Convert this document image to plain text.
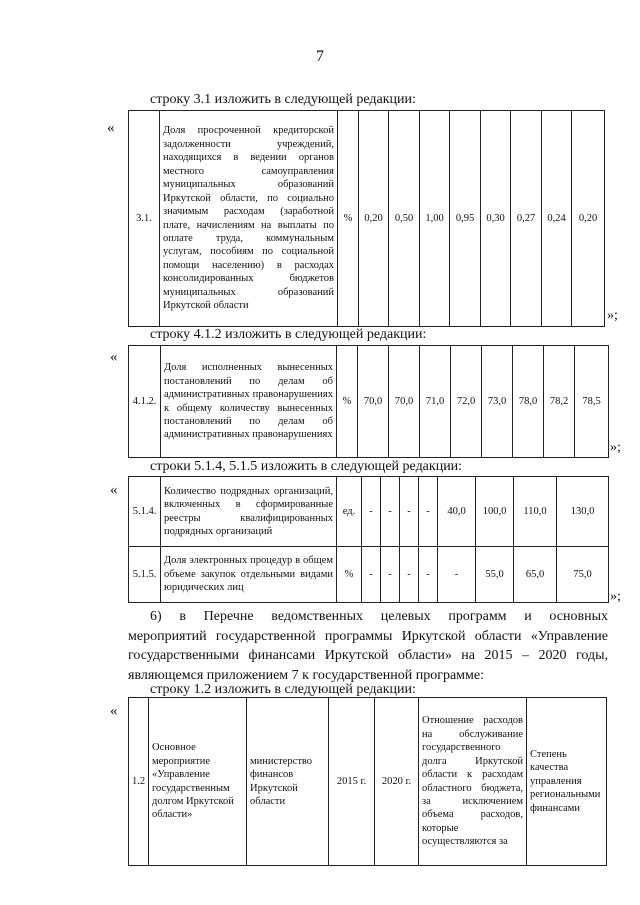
7
строку 3.1 изложить в следующей редакции:
«
3.1.	Доля просроченной кредиторской задолженности учреждений, находящихся в ведении органов местного самоуправления муниципальных образований Иркутской области, по социально значимым расходам (заработной плате, начислениям на выплаты по оплате труда, коммунальным услугам, пособиям по социальной помощи населению) в расходах консолидированных бюджетов муниципальных образований Иркутской области	%	0,20	0,50	1,00	0,95	0,30	0,27	0,24	0,20
»;
строку 4.1.2 изложить в следующей редакции:
«
4.1.2.	Доля исполненных вынесенных постановлений по делам об административных правонарушениях к общему количеству вынесенных постановлений по делам об административных правонарушениях	%	70,0	70,0	71,0	72,0	73,0	78,0	78,2	78,5
»;
строки 5.1.4, 5.1.5 изложить в следующей редакции:
«
5.1.4.	Количество подрядных организаций, включенных в сформированные реестры квалифицированных подрядных организаций	ед.	-	-	-	-	40,0	100,0	110,0	130,0
5.1.5.	Доля электронных процедур в общем объеме закупок отдельными видами юридических лиц	%	-	-	-	-	-	55,0	65,0	75,0
»;
6) в Перечне ведомственных целевых программ и основных
мероприятий государственной программы Иркутской области «Управление
государственными финансами Иркутской области» на 2015 – 2020 годы,
являющемся приложением 7 к государственной программе:
строку 1.2 изложить в следующей редакции:
«
1.2	Основное мероприятие «Управление государственным долгом Иркутской области»	министерство финансов Иркутской области	2015 г.	2020 г.	Отношение расходов на обслуживание государственного долга Иркутской области к расходам областного бюджета, за исключением объема расходов, которые осуществляются за	Степень качества управления региональными финансами
